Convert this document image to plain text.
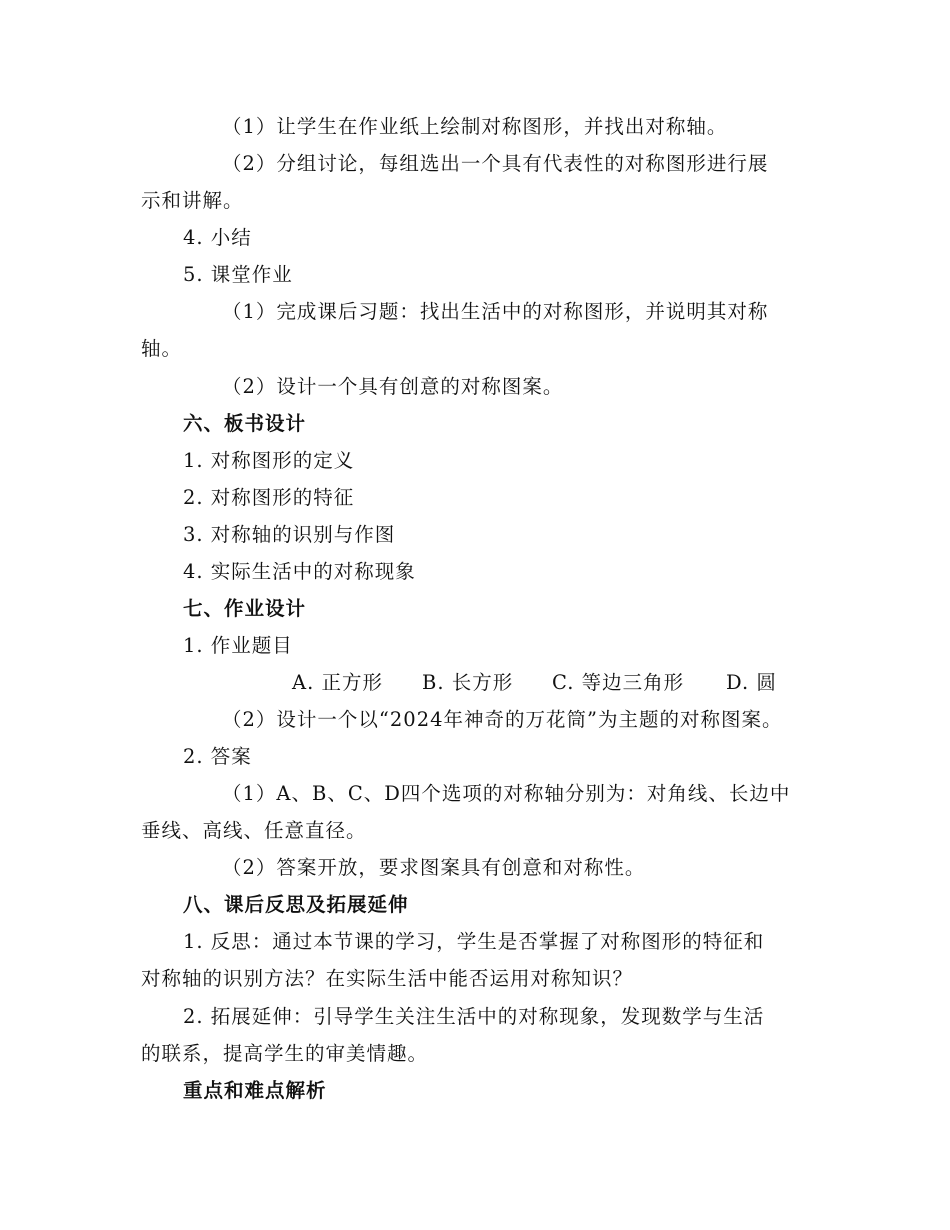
（1）让学生在作业纸上绘制对称图形，并找出对称轴。
（2）分组讨论，每组选出一个具有代表性的对称图形进行展
示和讲解。
4. 小结
5. 课堂作业
（1）完成课后习题：找出生活中的对称图形，并说明其对称
轴。
（2）设计一个具有创意的对称图案。
六、板书设计
1. 对称图形的定义
2. 对称图形的特征
3. 对称轴的识别与作图
4. 实际生活中的对称现象
七、作业设计
1. 作业题目
A. 正方形 B. 长方形 C. 等边三角形 D. 圆
（2）设计一个以“2024年神奇的万花筒”为主题的对称图案。
2. 答案
（1）A、B、C、D四个选项的对称轴分别为：对角线、长边中
垂线、高线、任意直径。
（2）答案开放，要求图案具有创意和对称性。
八、课后反思及拓展延伸
1. 反思：通过本节课的学习，学生是否掌握了对称图形的特征和
对称轴的识别方法？在实际生活中能否运用对称知识？
2. 拓展延伸：引导学生关注生活中的对称现象，发现数学与生活
的联系，提高学生的审美情趣。
重点和难点解析
